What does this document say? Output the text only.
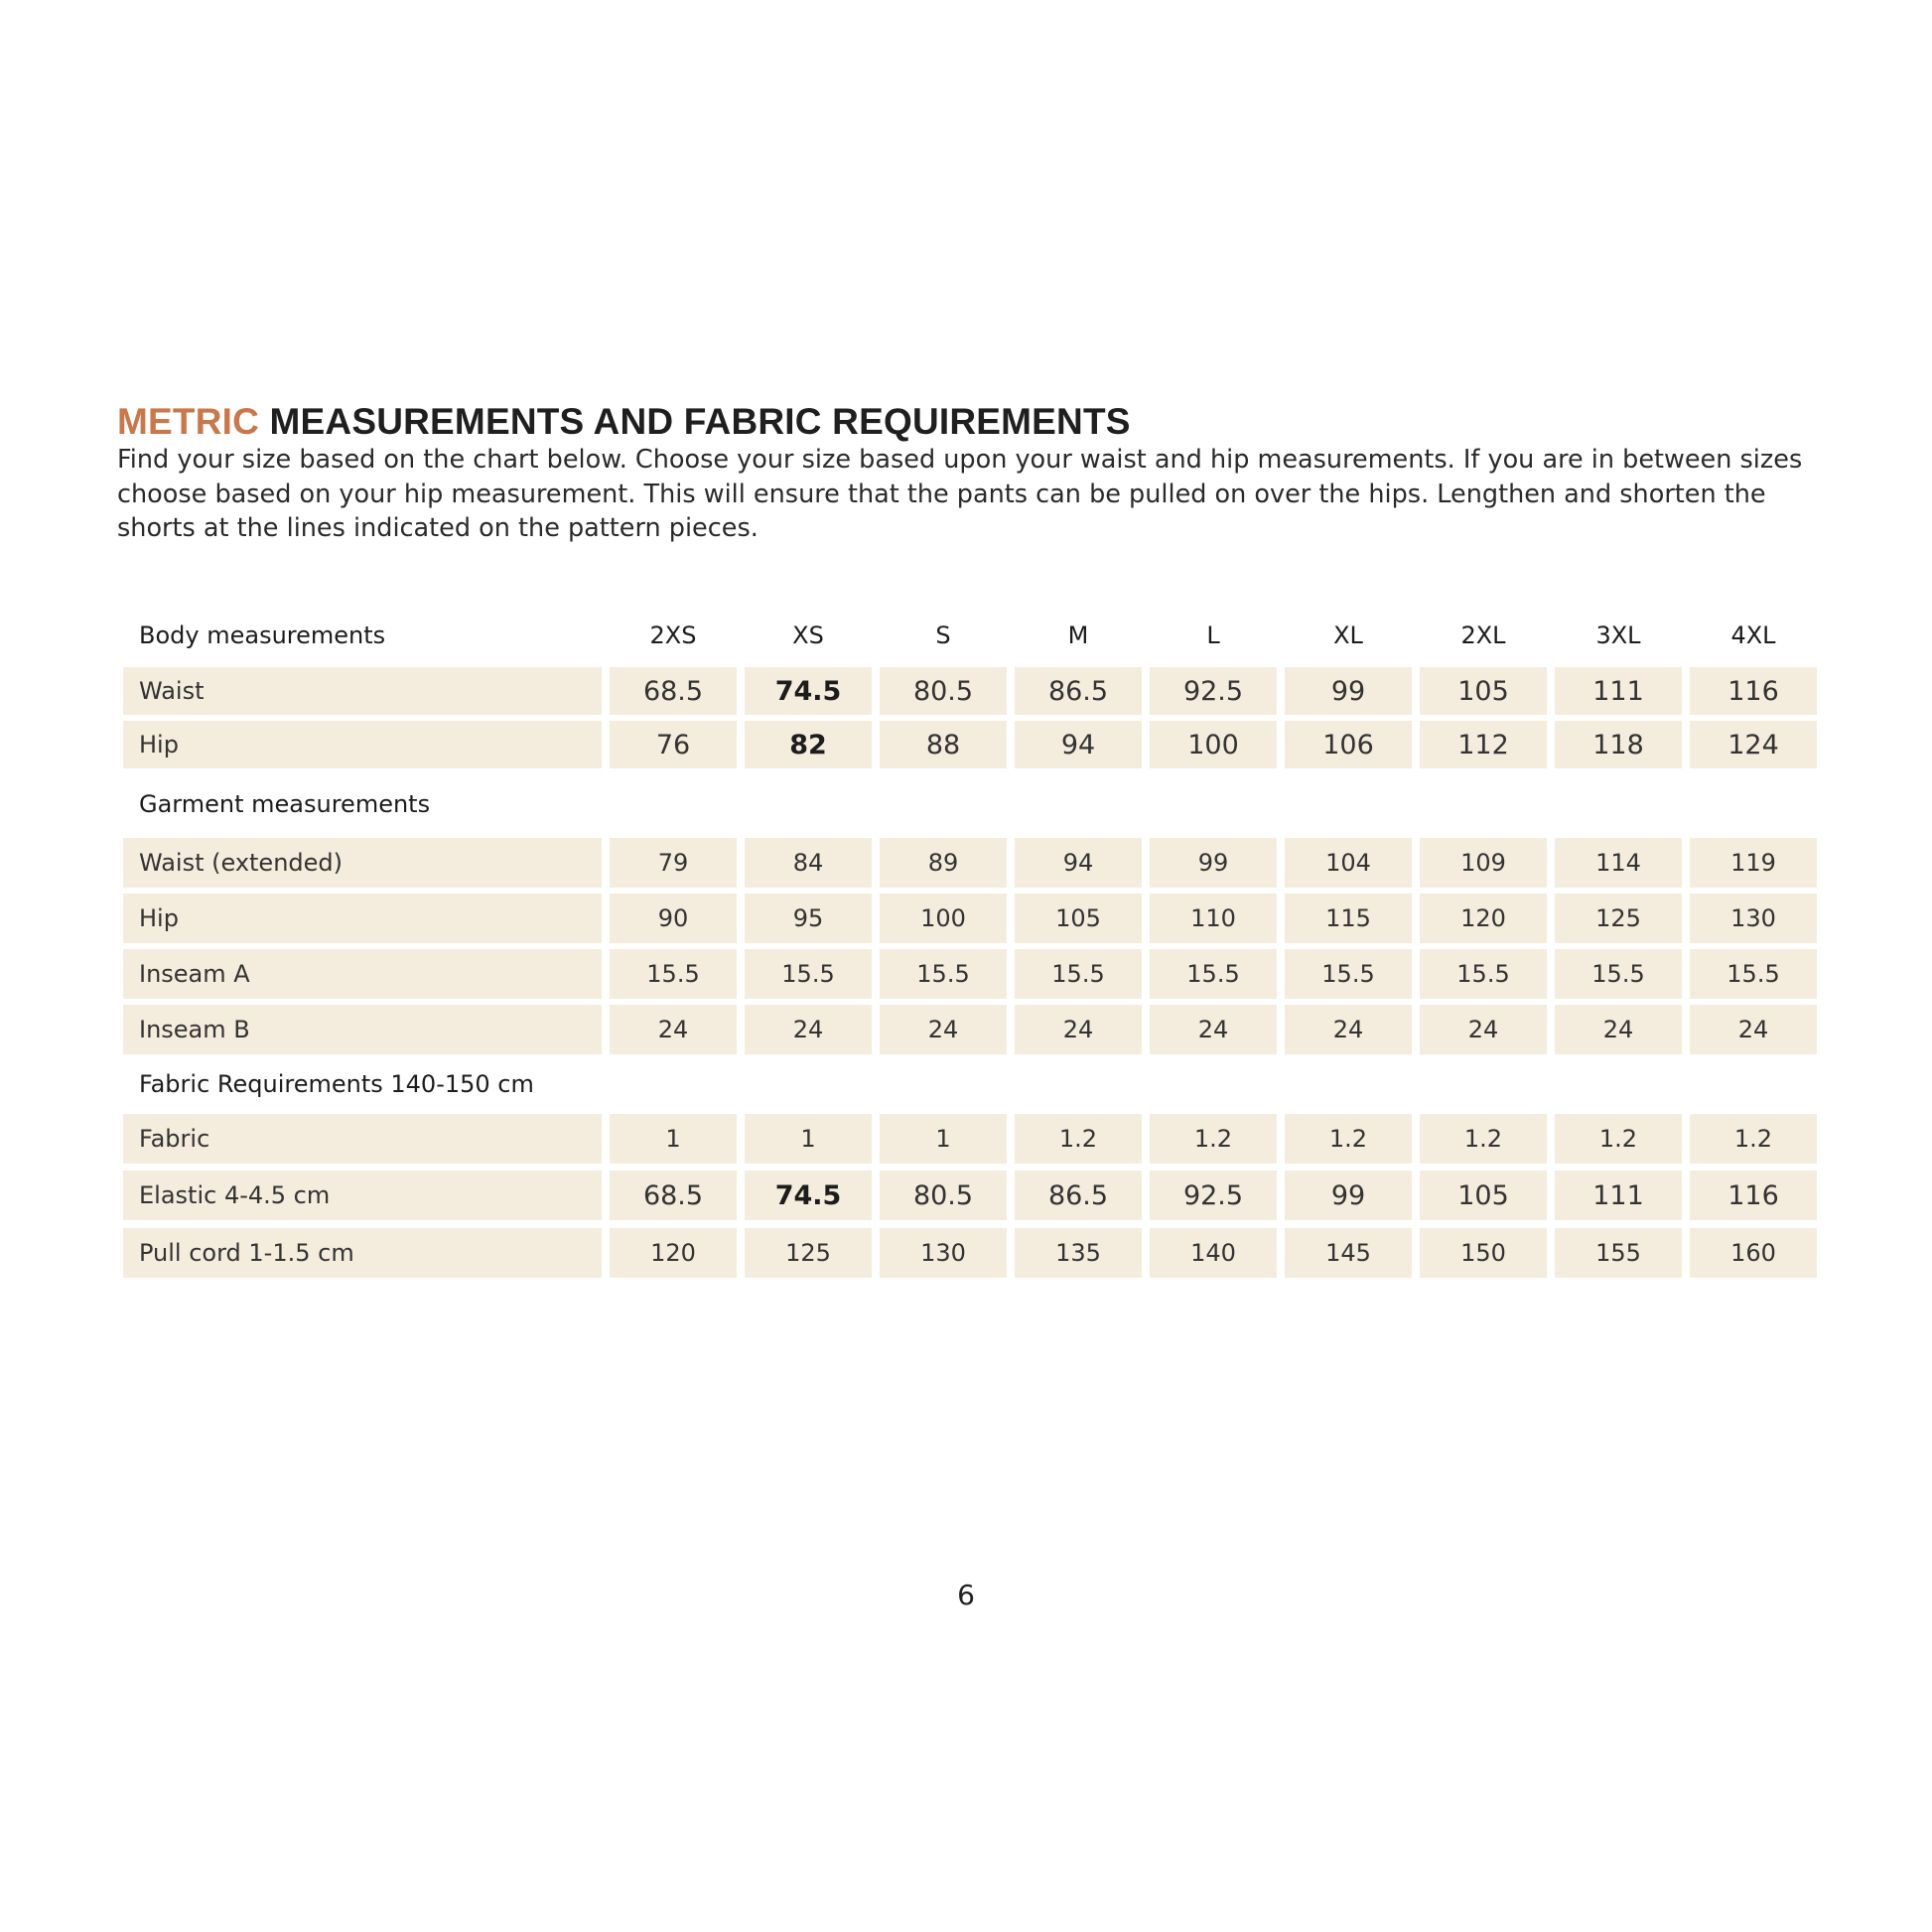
METRIC MEASUREMENTS AND FABRIC REQUIREMENTS

Find your size based on the chart below. Choose your size based upon your waist and hip measurements. If you are in between sizes choose based on your hip measurement. This will ensure that the pants can be pulled on over the hips. Lengthen and shorten the shorts at the lines indicated on the pattern pieces.

Body measurements	2XS	XS	S	M	L	XL	2XL	3XL	4XL
Waist	68.5	74.5	80.5	86.5	92.5	99	105	111	116
Hip	76	82	88	94	100	106	112	118	124
Garment measurements
Waist (extended)	79	84	89	94	99	104	109	114	119
Hip	90	95	100	105	110	115	120	125	130
Inseam A	15.5	15.5	15.5	15.5	15.5	15.5	15.5	15.5	15.5
Inseam B	24	24	24	24	24	24	24	24	24
Fabric Requirements 140-150 cm
Fabric	1	1	1	1.2	1.2	1.2	1.2	1.2	1.2
Elastic 4-4.5 cm	68.5	74.5	80.5	86.5	92.5	99	105	111	116
Pull cord 1-1.5 cm	120	125	130	135	140	145	150	155	160
6
